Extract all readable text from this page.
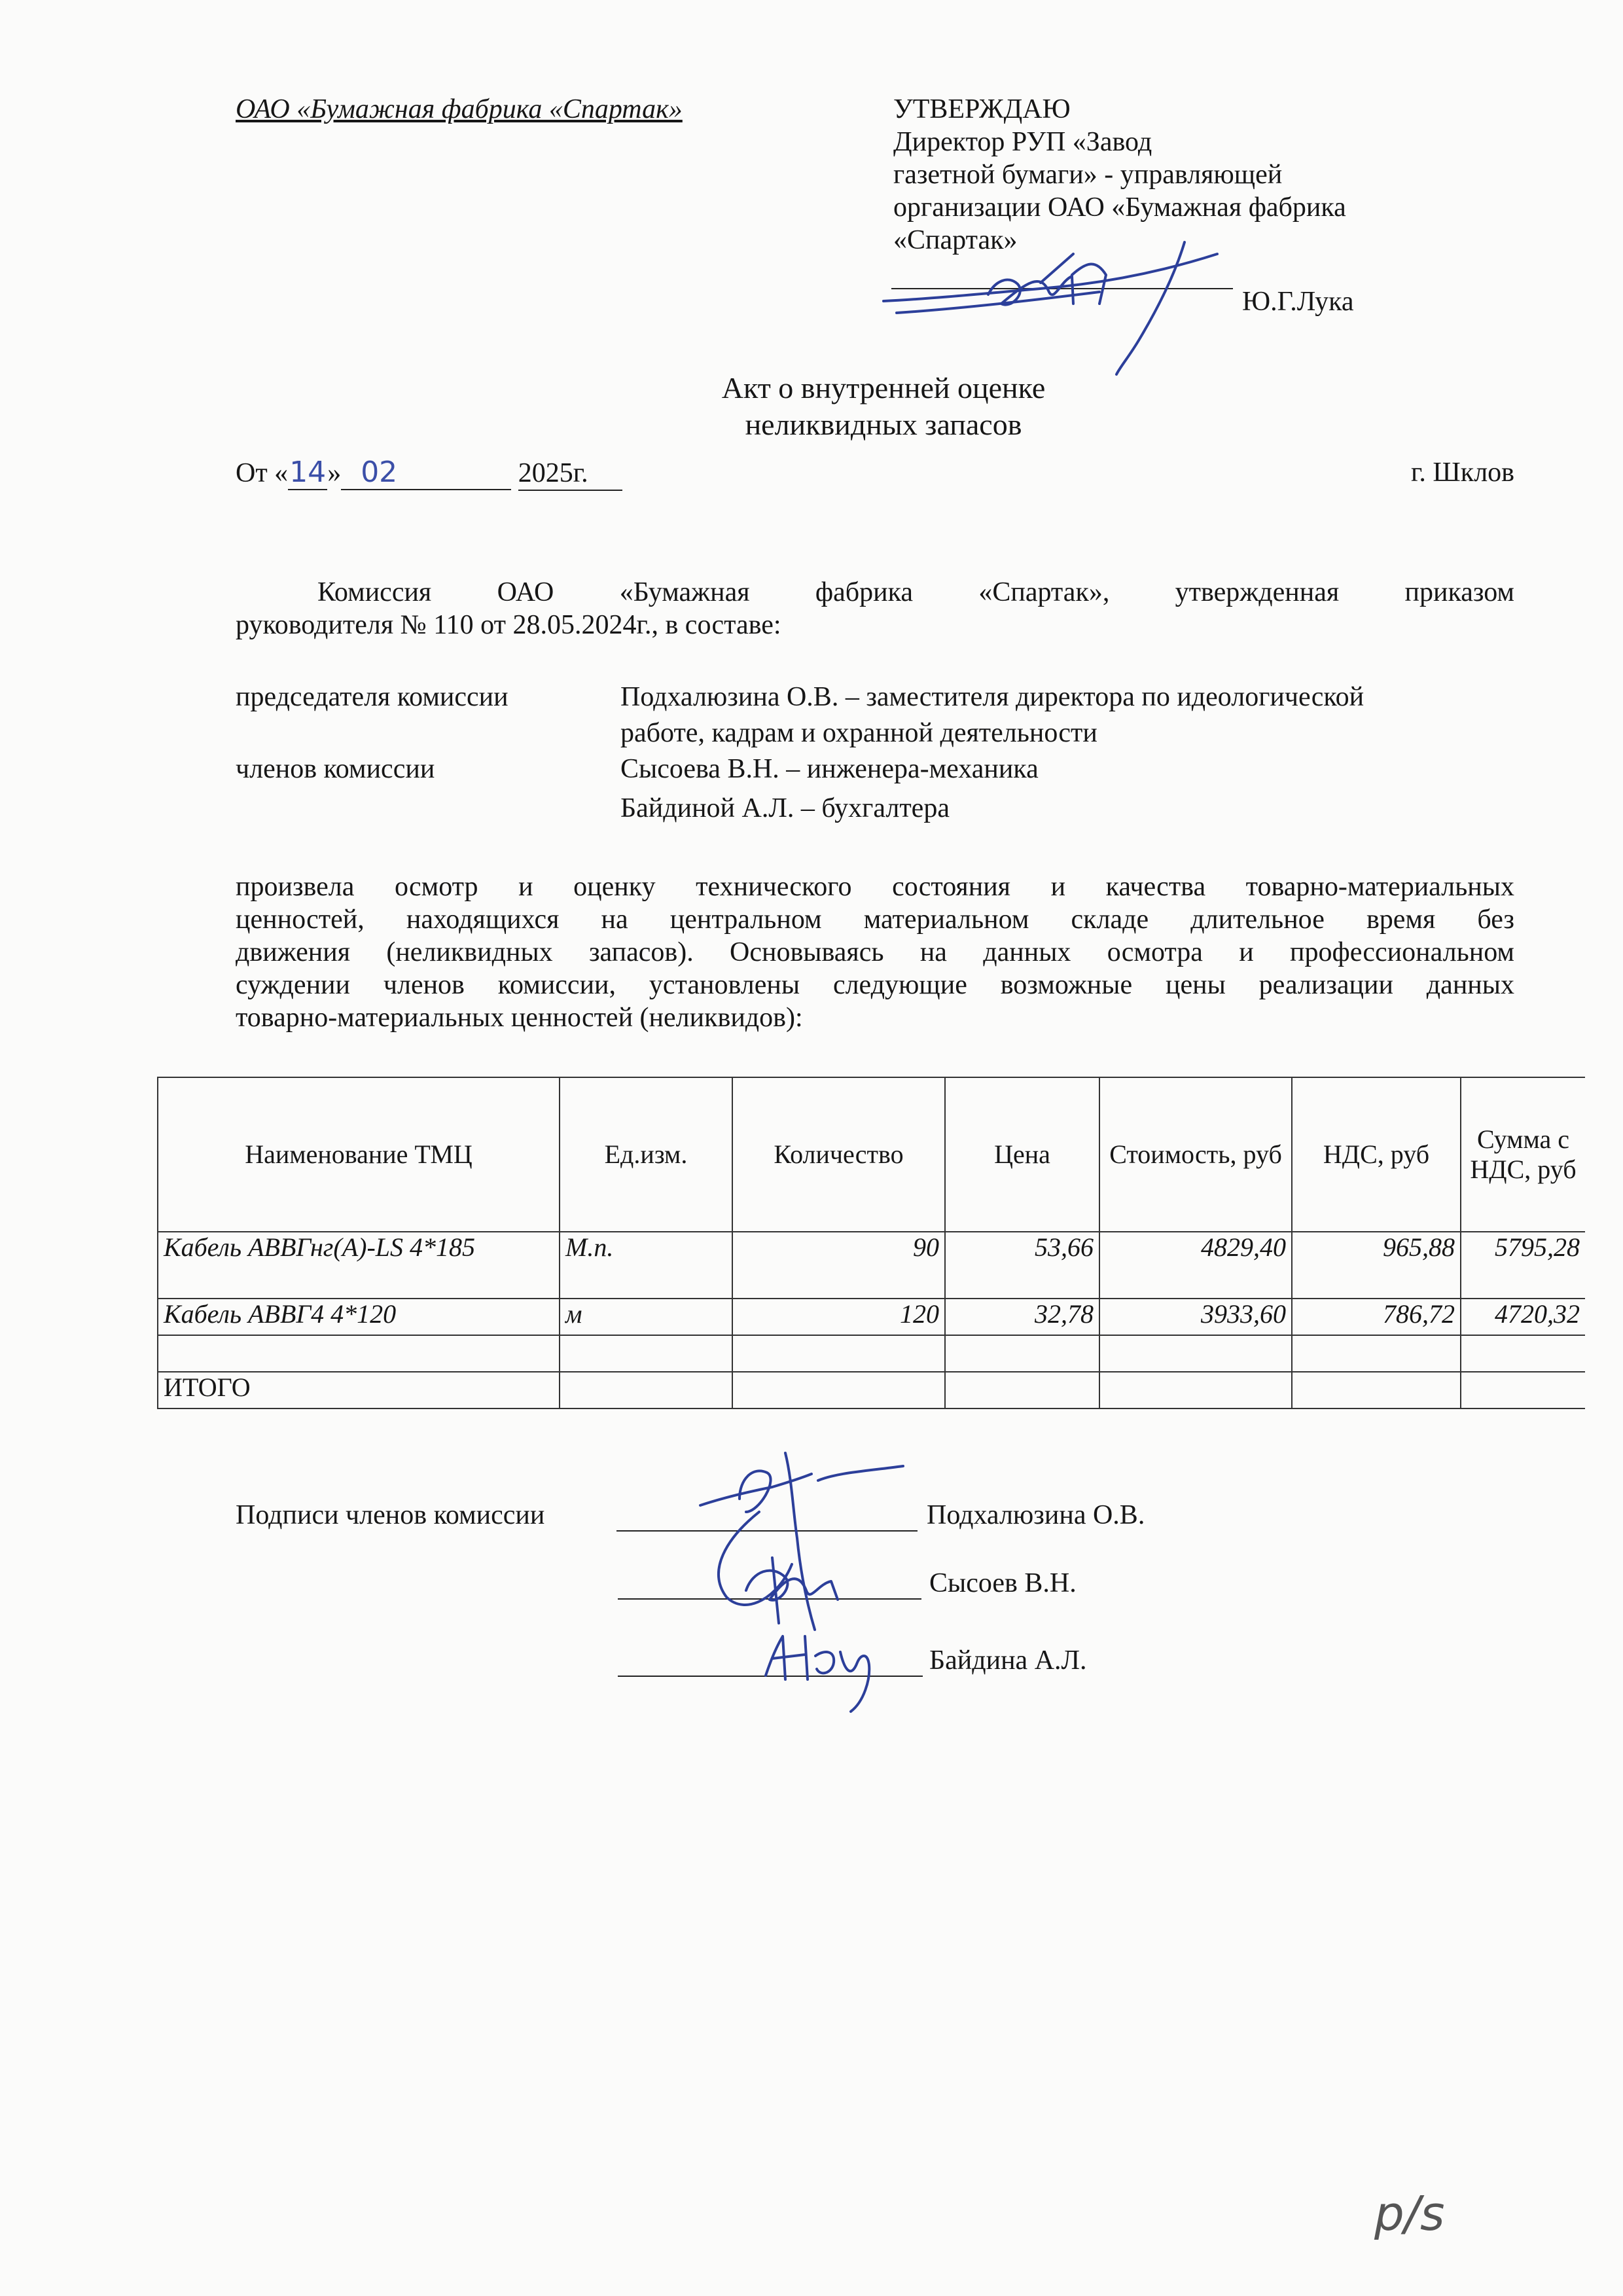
ОАО «Бумажная фабрика «Спартак»	УТВЕРЖДАЮ
Директор РУП «Завод
газетной бумаги» - управляющей
организации ОАО «Бумажная фабрика
«Спартак»
Ю.Г.Лука
Акт о внутренней оценке
неликвидных запасов
От «14» 02	2025г.	г. Шклов
Комиссия ОАО «Бумажная фабрика «Спартак», утвержденная приказом
руководителя № 110 от 28.05.2024г., в составе:
председателя комиссии	Подхалюзина О.В. – заместителя директора по идеологической
работе, кадрам и охранной деятельности
членов комиссии	Сысоева В.Н. – инженера-механика
Байдиной А.Л. – бухгалтера
произвела осмотр и оценку технического состояния и качества товарно-материальных
ценностей, находящихся на центральном материальном складе длительное время без
движения (неликвидных запасов). Основываясь на данных осмотра и профессиональном
суждении членов комиссии, установлены следующие возможные цены реализации данных
товарно-материальных ценностей (неликвидов):
Наименование ТМЦ	Ед.изм.	Количество	Цена	Стоимость, руб	НДС, руб	Сумма с НДС, руб
Кабель АВВГнг(А)-LS 4*185	М.п.	90	53,66	4829,40	965,88	5795,28
Кабель АВВГ4 4*120	м	120	32,78	3933,60	786,72	4720,32

ИТОГО						
Подписи членов комиссии	Подхалюзина О.В.
Сысоев В.Н.
Байдина А.Л.
р/s
